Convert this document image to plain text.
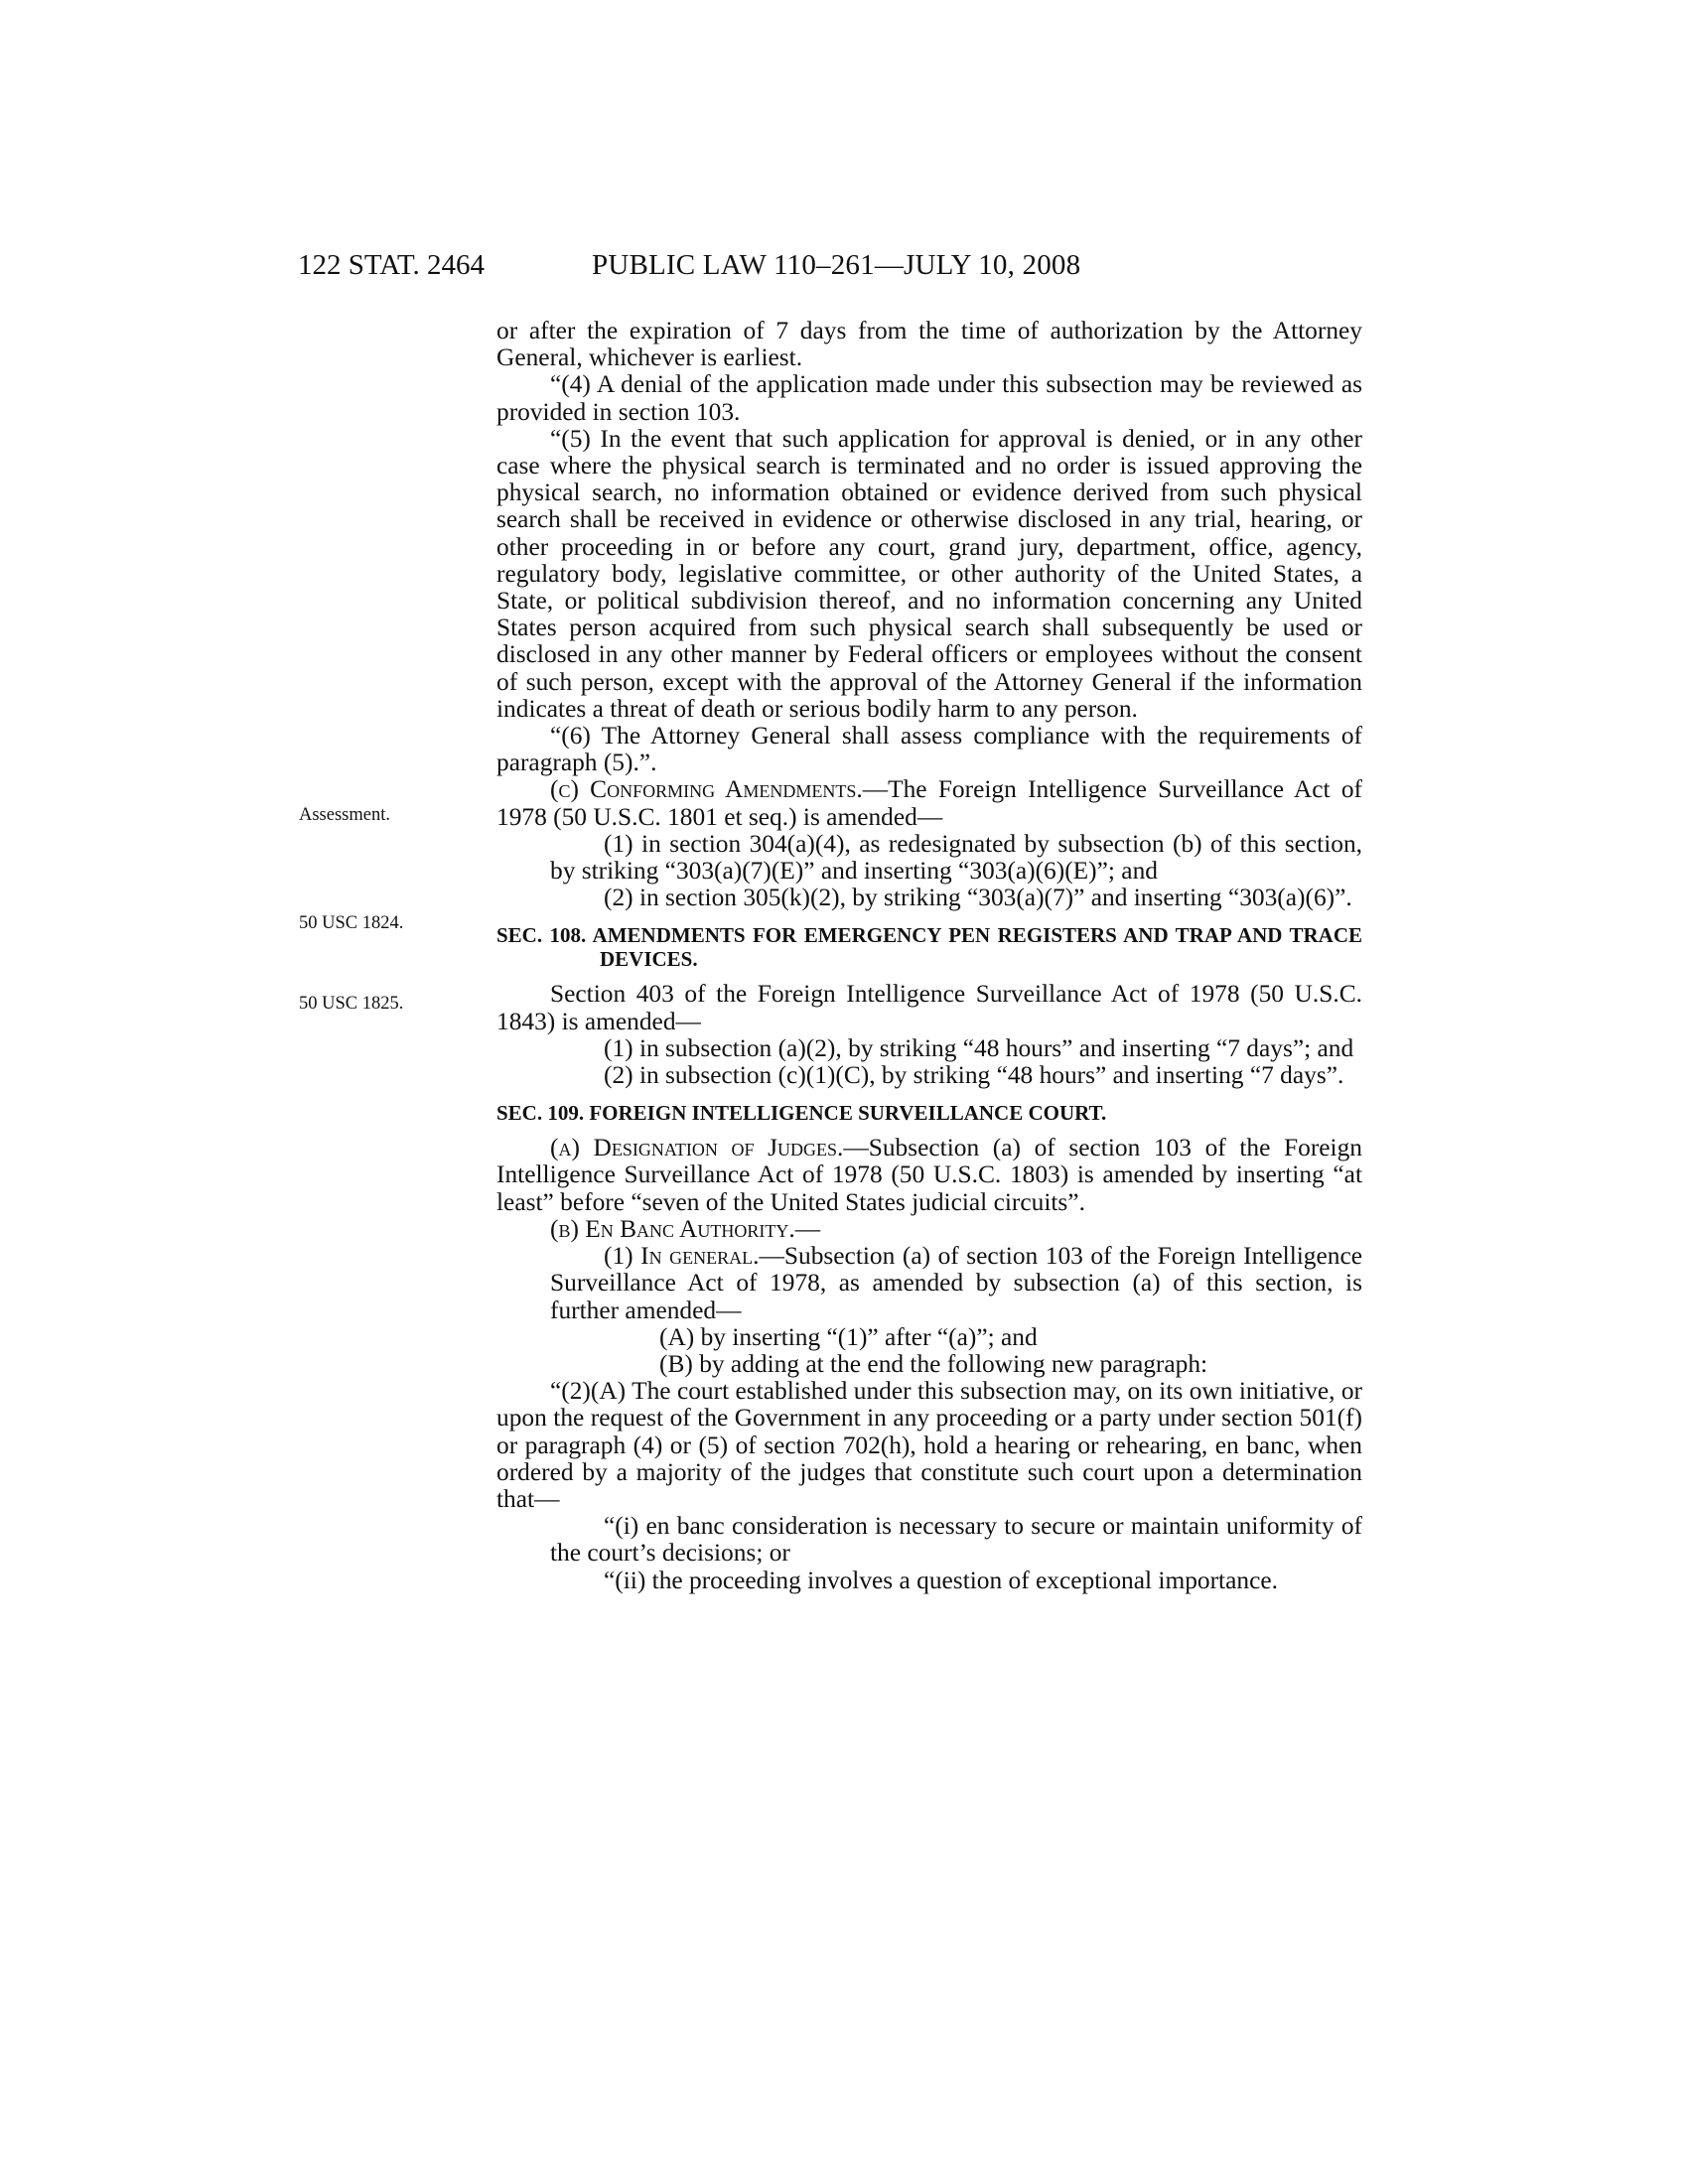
122 STAT. 2464	PUBLIC LAW 110–261—JULY 10, 2008
Assessment.
50 USC 1824.
50 USC 1825.

or after the expiration of 7 days from the time of authorization by the Attorney General, whichever is earliest.

“(4) A denial of the application made under this subsection may be reviewed as provided in section 103.

“(5) In the event that such application for approval is denied, or in any other case where the physical search is terminated and no order is issued approving the physical search, no information obtained or evidence derived from such physical search shall be received in evidence or otherwise disclosed in any trial, hearing, or other proceeding in or before any court, grand jury, department, office, agency, regulatory body, legislative committee, or other authority of the United States, a State, or political subdivision thereof, and no information concerning any United States person acquired from such physical search shall subsequently be used or disclosed in any other manner by Federal officers or employees without the consent of such person, except with the approval of the Attorney General if the information indicates a threat of death or serious bodily harm to any person.

“(6) The Attorney General shall assess compliance with the requirements of paragraph (5).”.

(c) Conforming Amendments.—The Foreign Intelligence Surveillance Act of 1978 (50 U.S.C. 1801 et seq.) is amended—

(1) in section 304(a)(4), as redesignated by subsection (b) of this section, by striking “303(a)(7)(E)” and inserting “303(a)(6)(E)”; and

(2) in section 305(k)(2), by striking “303(a)(7)” and inserting “303(a)(6)”.

SEC. 108. AMENDMENTS FOR EMERGENCY PEN REGISTERS AND TRAP AND TRACE DEVICES.

Section 403 of the Foreign Intelligence Surveillance Act of 1978 (50 U.S.C. 1843) is amended—

(1) in subsection (a)(2), by striking “48 hours” and inserting “7 days”; and

(2) in subsection (c)(1)(C), by striking “48 hours” and inserting “7 days”.

SEC. 109. FOREIGN INTELLIGENCE SURVEILLANCE COURT.

(a) Designation of Judges.—Subsection (a) of section 103 of the Foreign Intelligence Surveillance Act of 1978 (50 U.S.C. 1803) is amended by inserting “at least” before “seven of the United States judicial circuits”.

(b) En Banc Authority.—

(1) In general.—Subsection (a) of section 103 of the Foreign Intelligence Surveillance Act of 1978, as amended by subsection (a) of this section, is further amended—

(A) by inserting “(1)” after “(a)”; and

(B) by adding at the end the following new paragraph:

“(2)(A) The court established under this subsection may, on its own initiative, or upon the request of the Government in any proceeding or a party under section 501(f) or paragraph (4) or (5) of section 702(h), hold a hearing or rehearing, en banc, when ordered by a majority of the judges that constitute such court upon a determination that—

“(i) en banc consideration is necessary to secure or maintain uniformity of the court’s decisions; or

“(ii) the proceeding involves a question of exceptional importance.
